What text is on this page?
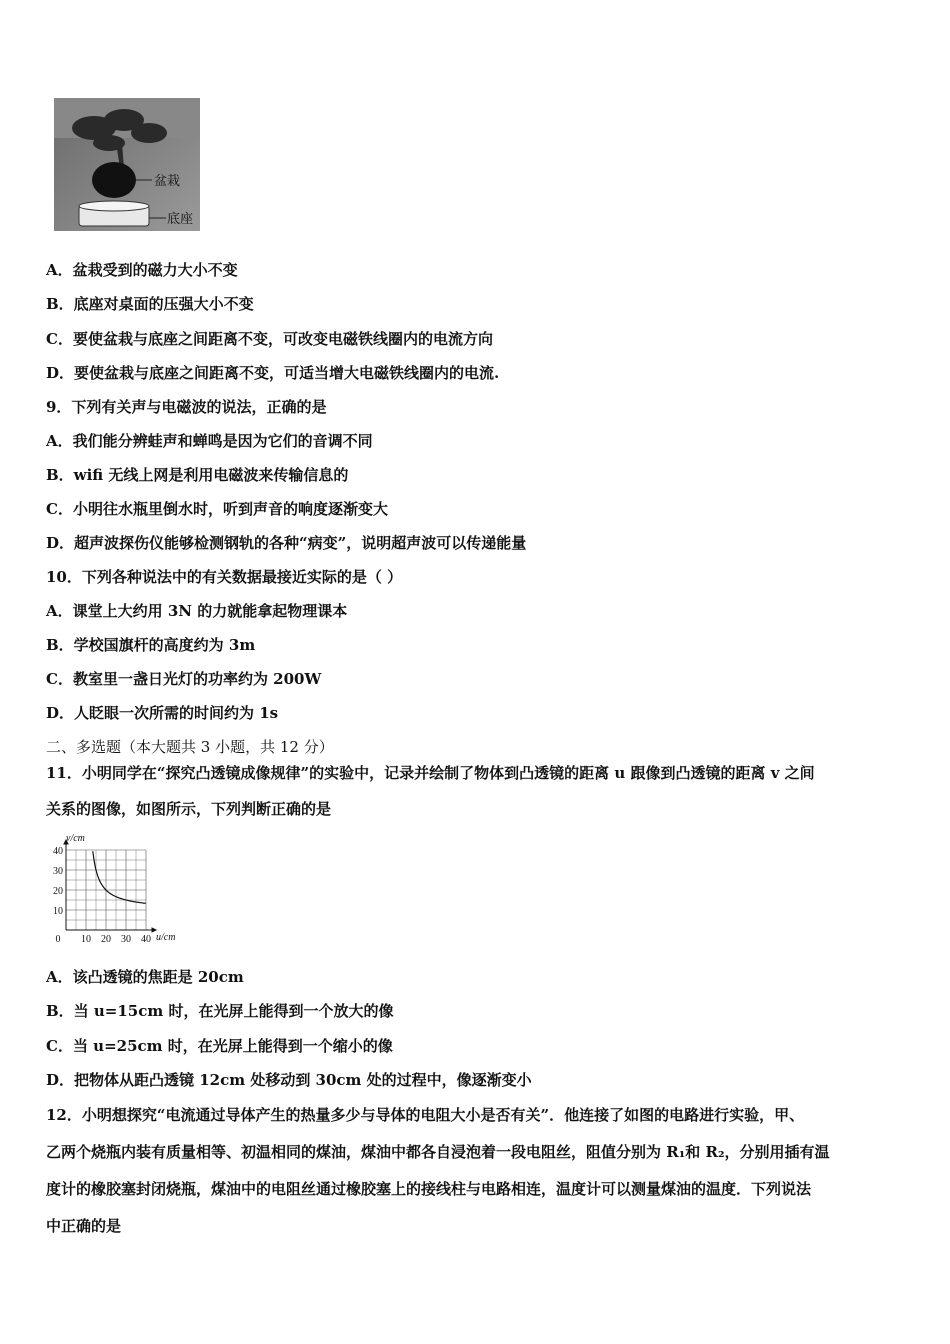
盆栽
底座
A．盆栽受到的磁力大小不变
B．底座对桌面的压强大小不变
C．要使盆栽与底座之间距离不变，可改变电磁铁线圈内的电流方向
D．要使盆栽与底座之间距离不变，可适当增大电磁铁线圈内的电流.
9．下列有关声与电磁波的说法，正确的是
A．我们能分辨蛙声和蝉鸣是因为它们的音调不同
B．wifi 无线上网是利用电磁波来传输信息的
C．小明往水瓶里倒水时，听到声音的响度逐渐变大
D．超声波探伤仪能够检测钢轨的各种“病变”，说明超声波可以传递能量
10．下列各种说法中的有关数据最接近实际的是（ ）
A．课堂上大约用 3N 的力就能拿起物理课本
B．学校国旗杆的高度约为 3m
C．教室里一盏日光灯的功率约为 200W
D．人眨眼一次所需的时间约为 1s
二、多选题（本大题共 3 小题，共 12 分）
11．小明同学在“探究凸透镜成像规律”的实验中，记录并绘制了物体到凸透镜的距离 u 跟像到凸透镜的距离 v 之间
关系的图像，如图所示，下列判断正确的是
0 10 20 30 40
10
20
30
40
v/cm
u/cm
A．该凸透镜的焦距是 20cm
B．当 u=15cm 时，在光屏上能得到一个放大的像
C．当 u=25cm 时，在光屏上能得到一个缩小的像
D．把物体从距凸透镜 12cm 处移动到 30cm 处的过程中，像逐渐变小
12．小明想探究“电流通过导体产生的热量多少与导体的电阻大小是否有关”．他连接了如图的电路进行实验，甲、
乙两个烧瓶内装有质量相等、初温相同的煤油，煤油中都各自浸泡着一段电阻丝，阻值分别为 R₁和 R₂，分别用插有温
度计的橡胶塞封闭烧瓶，煤油中的电阻丝通过橡胶塞上的接线柱与电路相连，温度计可以测量煤油的温度．下列说法
中正确的是
